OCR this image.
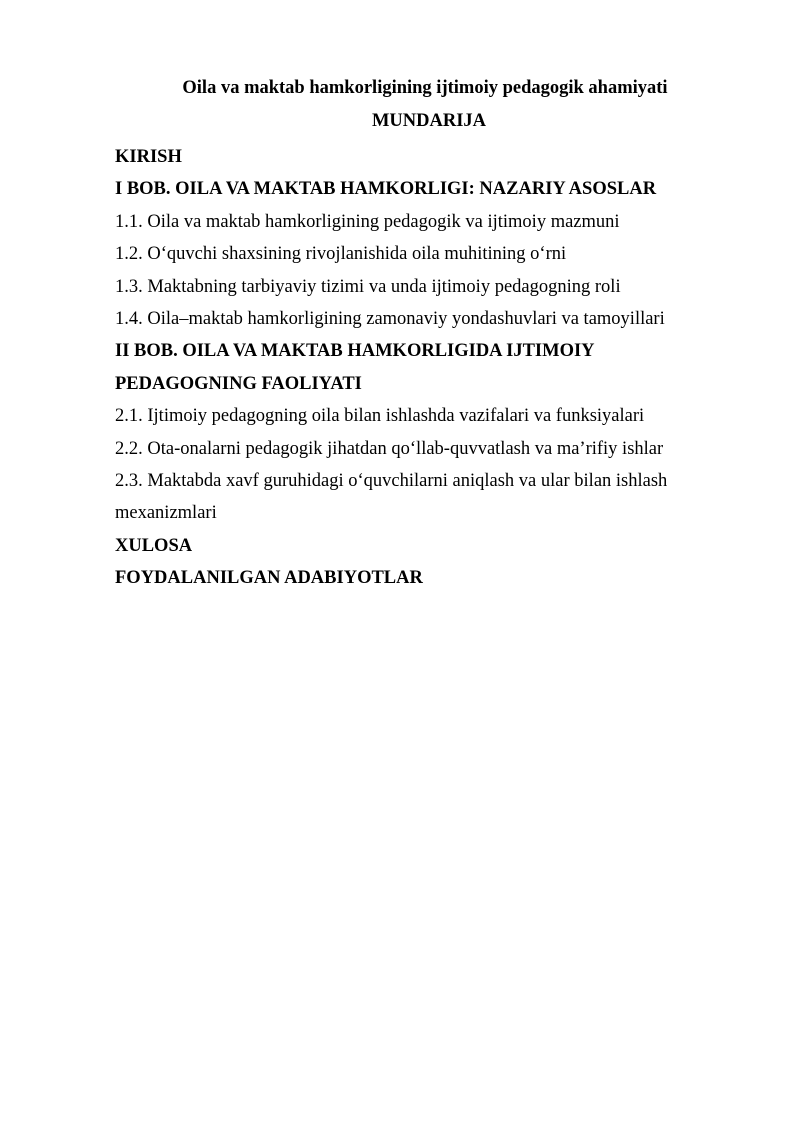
Oila va maktab hamkorligining ijtimoiy pedagogik ahamiyati
MUNDARIJA
KIRISH
I BOB. OILA VA MAKTAB HAMKORLIGI: NAZARIY ASOSLAR
1.1. Oila va maktab hamkorligining pedagogik va ijtimoiy mazmuni
1.2. O‘quvchi shaxsining rivojlanishida oila muhitining o‘rni
1.3. Maktabning tarbiyaviy tizimi va unda ijtimoiy pedagogning roli
1.4. Oila–maktab hamkorligining zamonaviy yondashuvlari va tamoyillari
II BOB. OILA VA MAKTAB HAMKORLIGIDA IJTIMOIY
PEDAGOGNING FAOLIYATI
2.1. Ijtimoiy pedagogning oila bilan ishlashda vazifalari va funksiyalari
2.2. Ota-onalarni pedagogik jihatdan qo‘llab-quvvatlash va ma’rifiy ishlar
2.3. Maktabda xavf guruhidagi o‘quvchilarni aniqlash va ular bilan ishlash
mexanizmlari
XULOSA
FOYDALANILGAN ADABIYOTLAR
